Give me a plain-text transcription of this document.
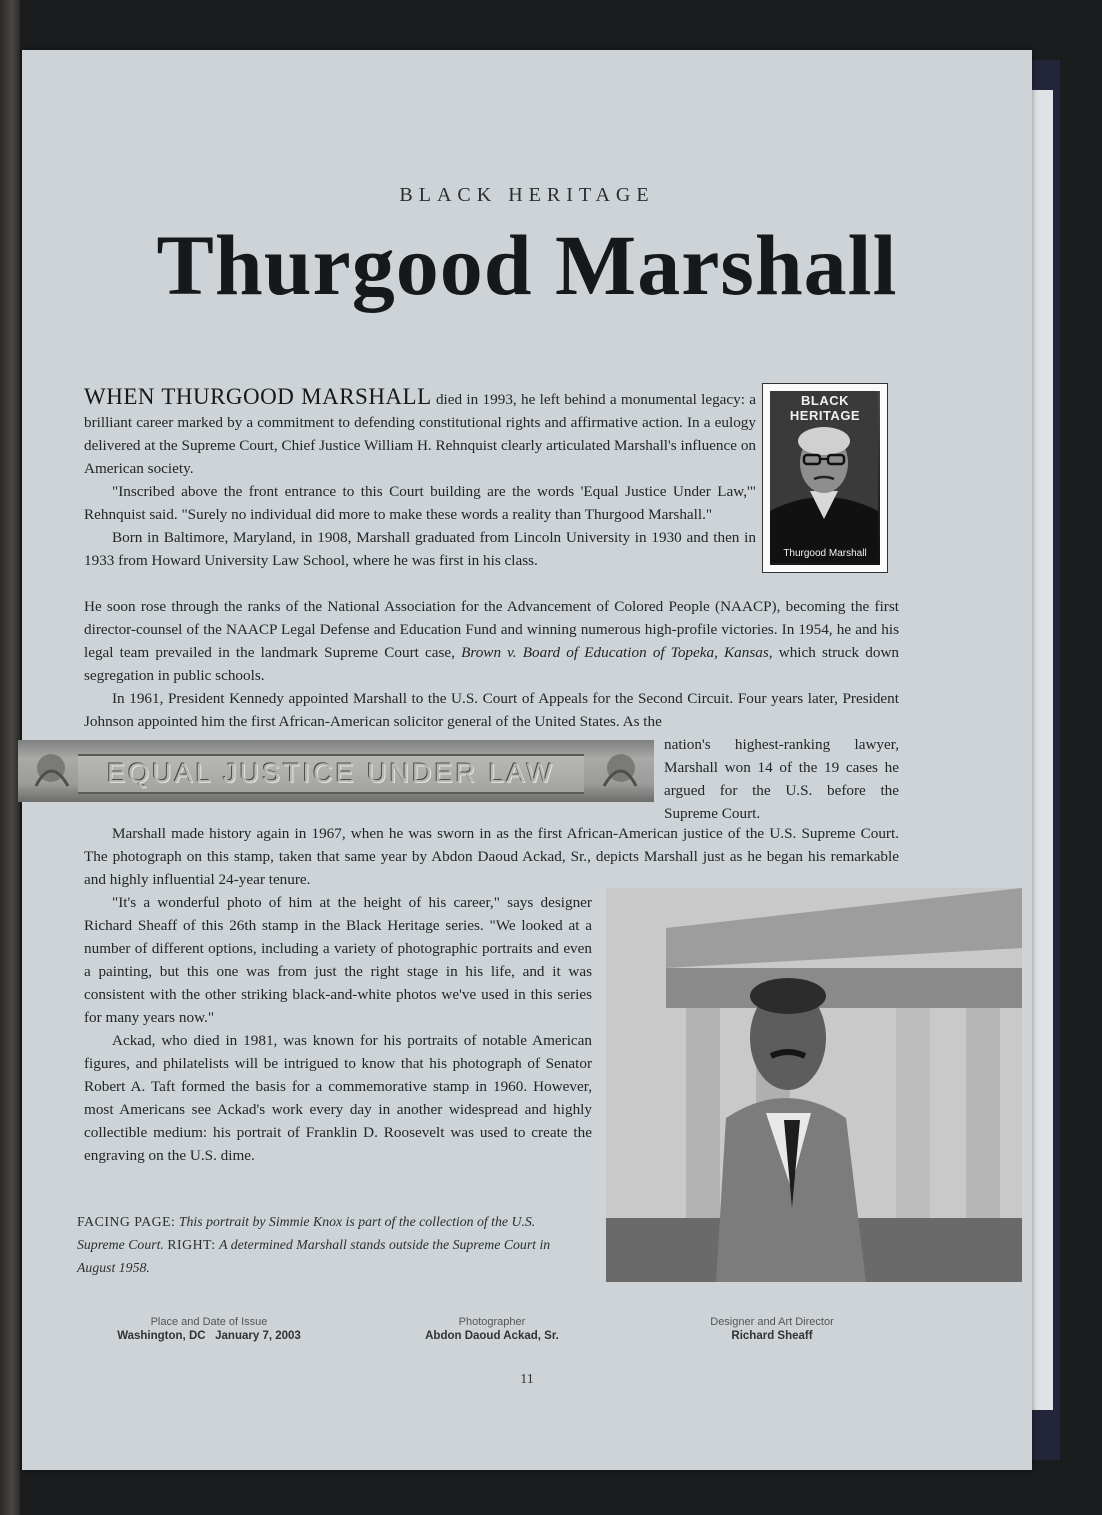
BLACK HERITAGE
Thurgood Marshall
BLACK HERITAGE
Thurgood Marshall

WHEN THURGOOD MARSHALL died in 1993, he left behind a monumental legacy: a brilliant career marked by a commitment to defending constitutional rights and affirmative action. In a eulogy delivered at the Supreme Court, Chief Justice William H. Rehnquist clearly articulated Marshall's influence on American society.

"Inscribed above the front entrance to this Court building are the words 'Equal Justice Under Law,'" Rehnquist said. "Surely no individual did more to make these words a reality than Thurgood Marshall."

Born in Baltimore, Maryland, in 1908, Marshall graduated from Lincoln University in 1930 and then in 1933 from Howard University Law School, where he was first in his class.

He soon rose through the ranks of the National Association for the Advancement of Colored People (NAACP), becoming the first director-counsel of the NAACP Legal Defense and Education Fund and winning numerous high-profile victories. In 1954, he and his legal team prevailed in the landmark Supreme Court case, Brown v. Board of Education of Topeka, Kansas, which struck down segregation in public schools.

In 1961, President Kennedy appointed Marshall to the U.S. Court of Appeals for the Second Circuit. Four years later, President Johnson appointed him the first African-American solicitor general of the United States. As the

EQUAL JUSTICE UNDER LAW

nation's highest-ranking lawyer, Marshall won 14 of the 19 cases he argued for the U.S. before the Supreme Court.

Marshall made history again in 1967, when he was sworn in as the first African-American justice of the U.S. Supreme Court. The photograph on this stamp, taken that same year by Abdon Daoud Ackad, Sr., depicts Marshall just as he began his remarkable and highly influential 24-year tenure.

"It's a wonderful photo of him at the height of his career," says designer Richard Sheaff of this 26th stamp in the Black Heritage series. "We looked at a number of different options, including a variety of photographic portraits and even a painting, but this one was from just the right stage in his life, and it was consistent with the other striking black-and-white photos we've used in this series for many years now."

Ackad, who died in 1981, was known for his portraits of notable American figures, and philatelists will be intrigued to know that his photograph of Senator Robert A. Taft formed the basis for a commemorative stamp in 1960. However, most Americans see Ackad's work every day in another widespread and highly collectible medium: his portrait of Franklin D. Roosevelt was used to create the engraving on the U.S. dime.

FACING PAGE: This portrait by Simmie Knox is part of the collection of the U.S. Supreme Court. RIGHT: A determined Marshall stands outside the Supreme Court in August 1958.

Place and Date of Issue
Washington, DC   January 7, 2003
Photographer
Abdon Daoud Ackad, Sr.
Designer and Art Director
Richard Sheaff
11
